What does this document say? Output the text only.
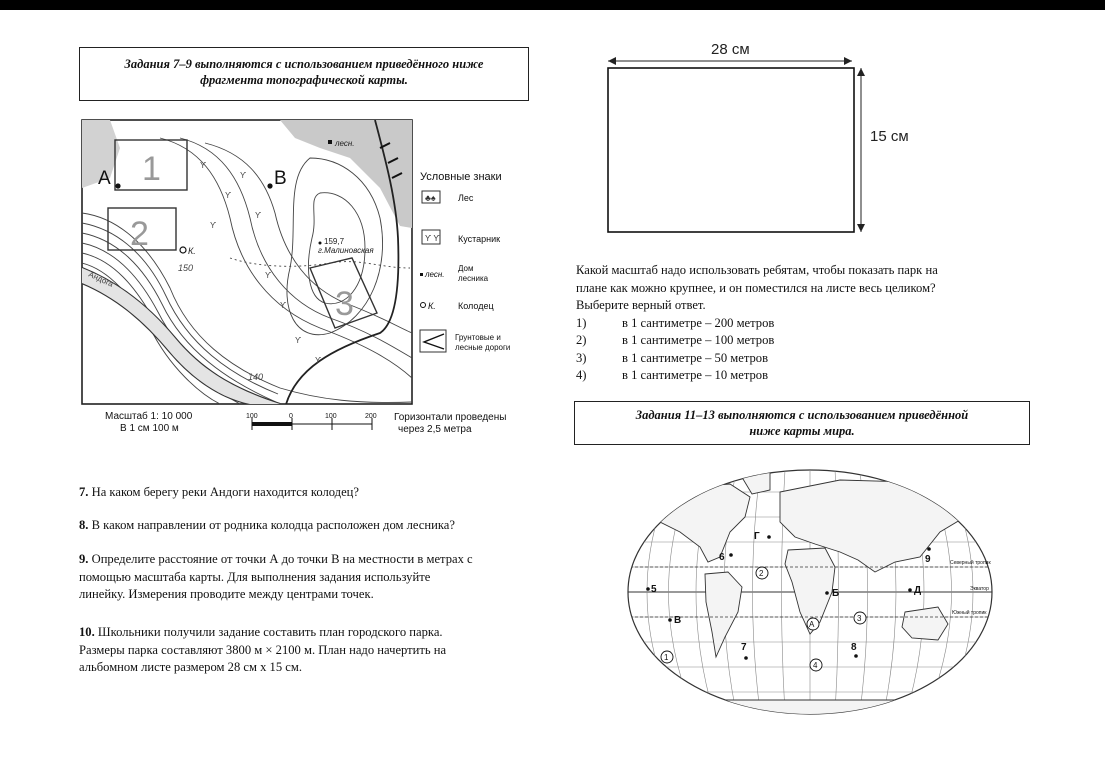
Задания 7–9 выполняются с использованием приведённого ниже
фрагмента топографической карты.
1
2
3
A	B
лесн.
159,7
г.Малиновская
К.
150
140
Андога
ϒ
ϒ
ϒ
ϒ
ϒ
ϒ
ϒ
ϒ
ϒ
Условные знаки
♣♠ Лес
ϒ ϒ Кустарник
лесн.
Дом
лесника
К. Колодец
Грунтовые и
лесные дороги
Масштаб 1: 10 000
В 1 см 100 м
100	0	100	200 Горизонтали проведены
через 2,5 метра
7. На каком берегу реки Андоги находится колодец?
8. В каком направлении от родника колодца расположен дом лесника?
9. Определите расстояние от точки А до точки В на местности в метрах с
помощью масштаба карты. Для выполнения задания используйте
линейку. Измерения проводите между центрами точек.
10. Школьники получили задание составить план городского парка.
Размеры парка составляют 3800 м × 2100 м. План надо начертить на
альбомном листе размером 28 см х 15 см.
28 см
15 см
Какой масштаб надо использовать ребятам, чтобы показать парк на
плане как можно крупнее, и он поместился на листе весь целиком?
Выберите верный ответ.
1)	в 1 сантиметре – 200 метров
2)	в 1 сантиметре – 100 метров
3)	в 1 сантиметре – 50 метров
4)	в 1 сантиметре – 10 метров
Задания 11–13 выполняются с использованием приведённой
ниже карты мира.
Г
6	9
5	Б	Д
В
7	8
2
А
3
4
1
Северный тропик
Экватор
Южный тропик
